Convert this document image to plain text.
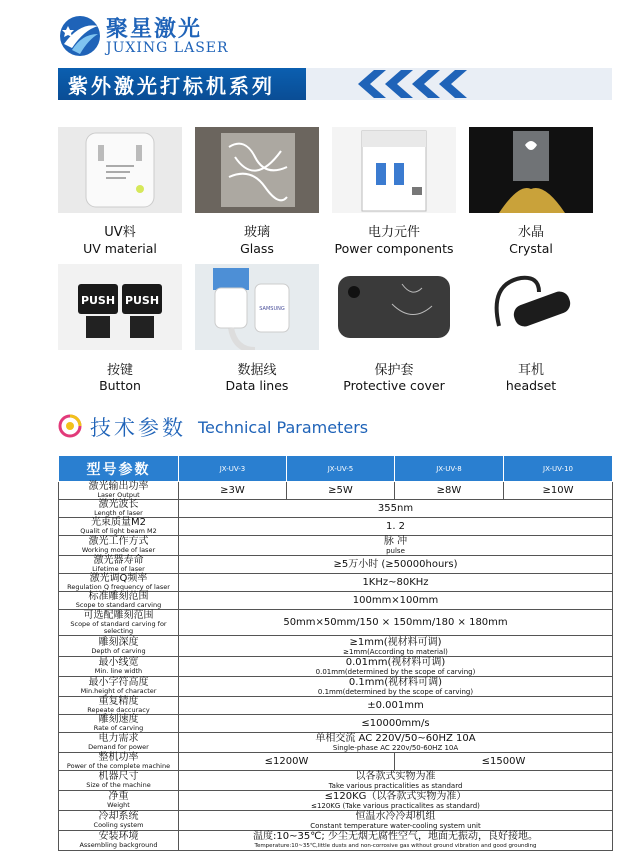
聚星激光
JUXING LASER
紫外激光打标机系列
UV料
UV material
玻璃
Glass
电力元件
Power components
水晶
Crystal
PUSH PUSH
SAMSUNG
按键
Button
数据线
Data lines
保护套
Protective cover
耳机
headset
技术参数 Technical Parameters
型号参数	JX-UV-3	JX-UV-5	JX-UV-8	JX-UV-10

激光输出功率
Laser Output	≥3W	≥5W	≥8W	≥10W

激光波长
Length of laser	355nm			

光束质量M2
Qualit of light beam M2	1. 2			

激光工作方式
Working mode of laser	脉 冲
pulse			

激光器寿命
Lifetime of laser	≥5万小时 (≥50000hours)			

激光调Q频率
Regulation Q frequency of laser	1KHz~80KHz			

标准雕刻范围
Scope to standard carving	100mm×100mm			

可选配雕刻范围
Scope of standard carving for selecting	50mm×50mm/150 × 150mm/180 × 180mm			

雕刻深度
Depth of carving	≥1mm(视材料可调)
≥1mm(According to material)			

最小线宽
Min. line width	0.01mm(视材料可调)
0.01mm(determined by the scope of carving)			

最小字符高度
Min.height of character	0.1mm(视材料可调)
0.1mm(determined by the scope of carving)			

重复精度
Repeate daccuracy	±0.001mm			

雕刻速度
Rate of carving	≤10000mm/s			

电力需求
Demand for power	单相交流 AC 220V/50~60HZ 10A
Single-phase AC 220v/50-60HZ 10A			

整机功率
Power of the complete machine	≤1200W		≤1500W	

机器尺寸
Size of the machine	以各款式实物为准
Take various practicalities as standard			

净重
Weight	≤120KG（以各款式实物为准）
≤120KG (Take various practicalites as standard)			

冷却系统
Cooling system	恒温水冷冷却机组
Constant temperature water-cooling system unit			

安装环境
Assembling background	温度:10~35℃; 少尘无烟无腐性空气，地面无振动，良好接地。
Temperature:10~35℃,little dusts and non-corrosive gas without ground vibration and good grounding			
